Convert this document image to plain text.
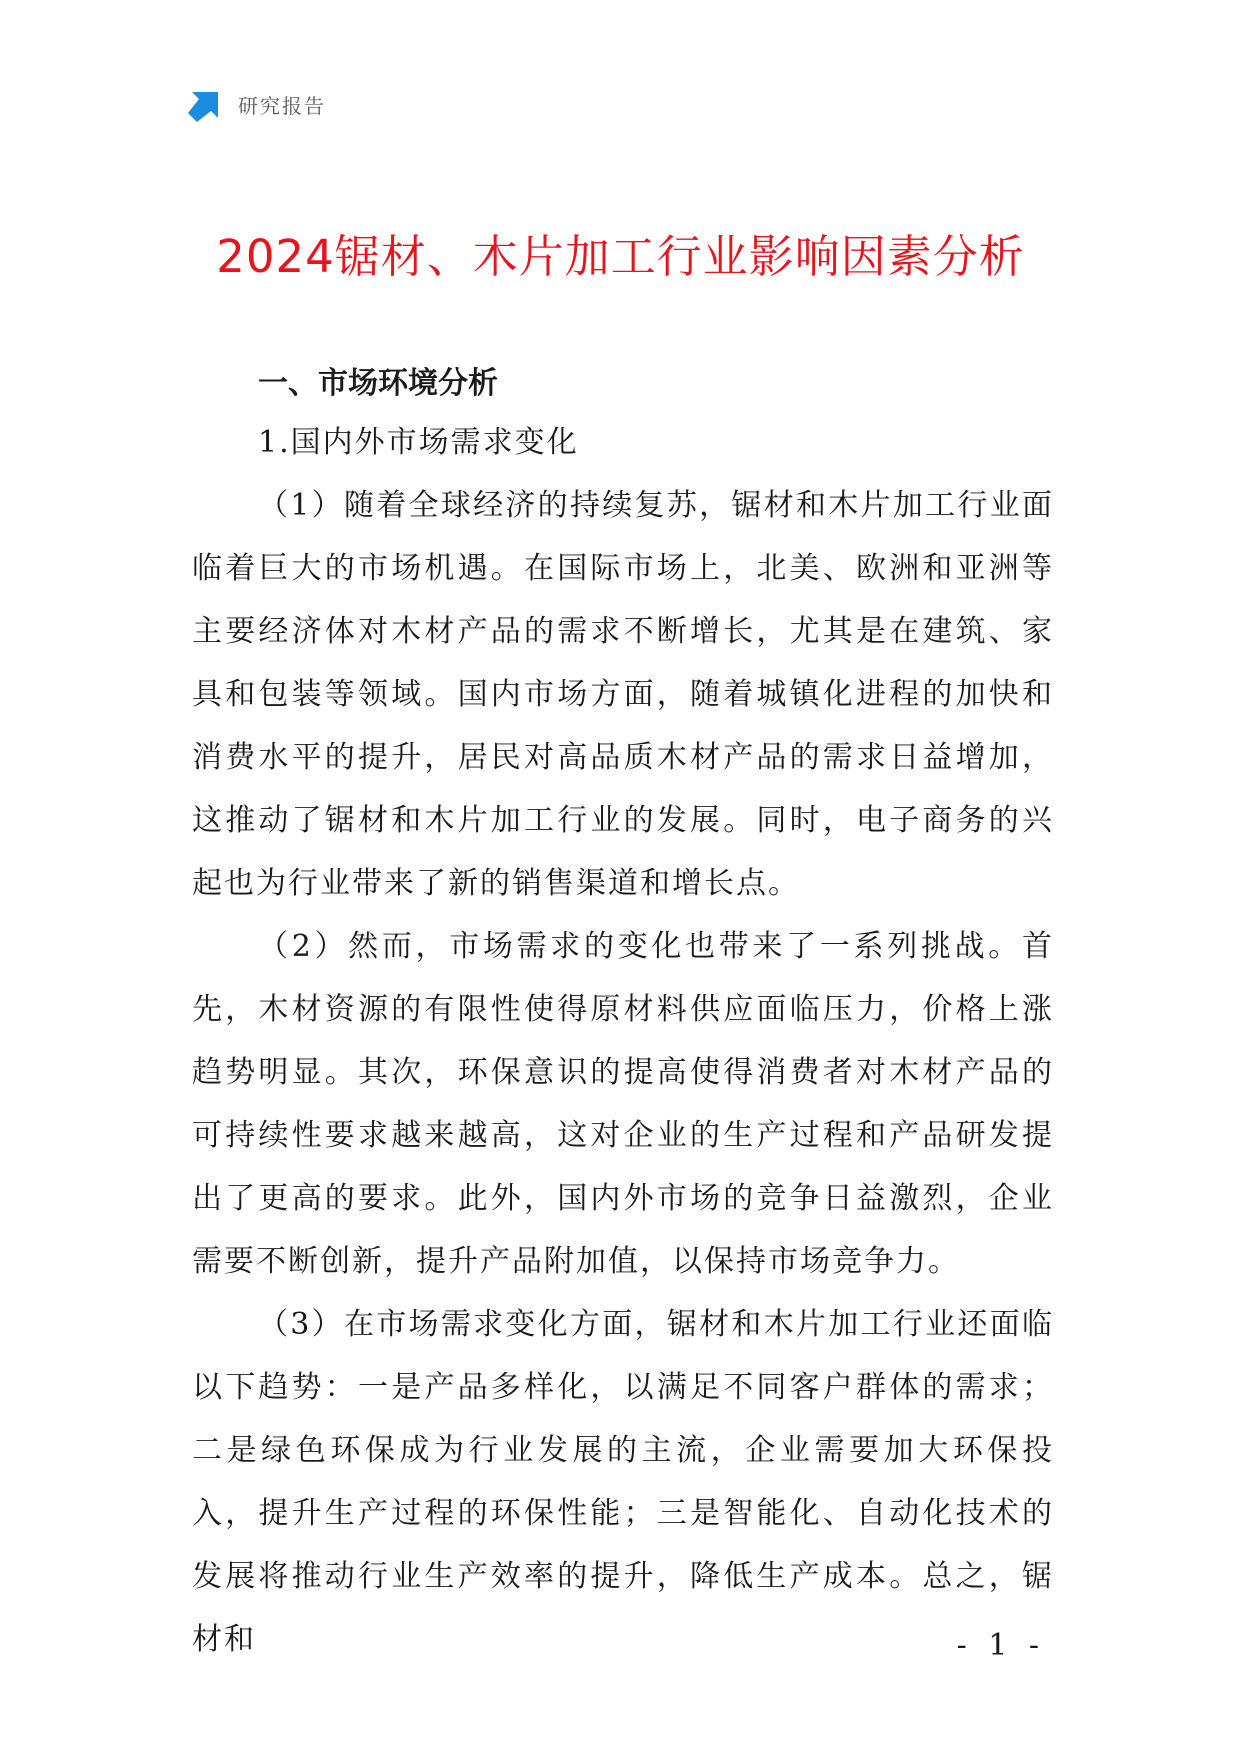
研究报告
2024锯材、木片加工行业影响因素分析
一、市场环境分析
1.国内外市场需求变化

（1）随着全球经济的持续复苏，锯材和木片加工行业面临着巨大的市场机遇。在国际市场上，北美、欧洲和亚洲等主要经济体对木材产品的需求不断增长，尤其是在建筑、家具和包装等领域。国内市场方面，随着城镇化进程的加快和消费水平的提升，居民对高品质木材产品的需求日益增加，这推动了锯材和木片加工行业的发展。同时，电子商务的兴起也为行业带来了新的销售渠道和增长点。

（2）然而，市场需求的变化也带来了一系列挑战。首先，木材资源的有限性使得原材料供应面临压力，价格上涨趋势明显。其次，环保意识的提高使得消费者对木材产品的可持续性要求越来越高，这对企业的生产过程和产品研发提出了更高的要求。此外，国内外市场的竞争日益激烈，企业需要不断创新，提升产品附加值，以保持市场竞争力。

（3）在市场需求变化方面，锯材和木片加工行业还面临以下趋势：一是产品多样化，以满足不同客户群体的需求；二是绿色环保成为行业发展的主流，企业需要加大环保投入，提升生产过程的环保性能；三是智能化、自动化技术的发展将推动行业生产效率的提升，降低生产成本。总之，锯材和	- 1 -
